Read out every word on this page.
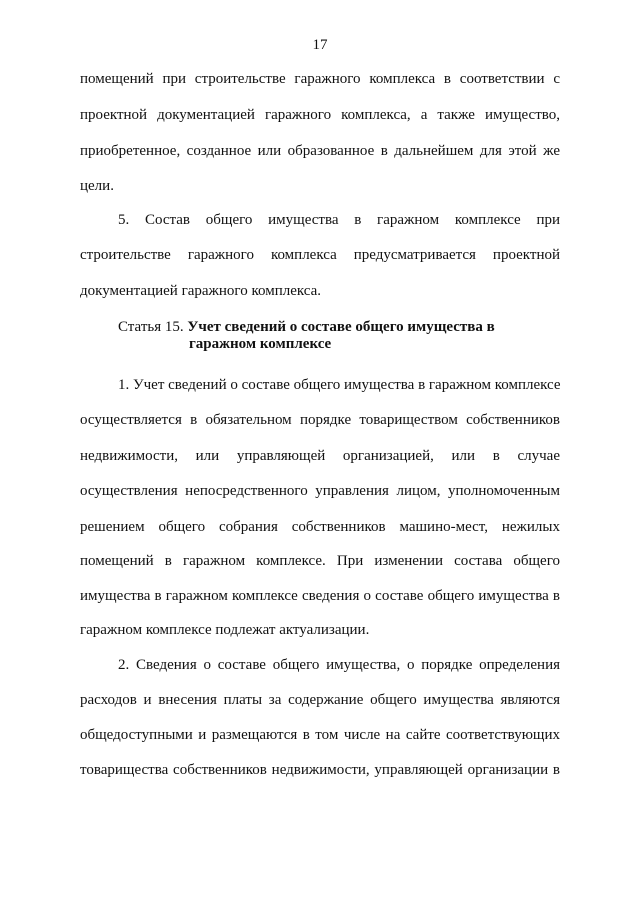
17
помещений при строительстве гаражного комплекса в соответствии с
проектной документацией гаражного комплекса, а также имущество,
приобретенное, созданное или образованное в дальнейшем для этой же
цели.
5. Состав общего имущества в гаражном комплексе при
строительстве гаражного комплекса предусматривается проектной
документацией гаражного комплекса.
Статья 15. Учет сведений о составе общего имущества в
гаражном комплексе
1. Учет сведений о составе общего имущества в гаражном комплексе
осуществляется в обязательном порядке товариществом собственников
недвижимости, или управляющей организацией, или в случае
осуществления непосредственного управления лицом, уполномоченным
решением общего собрания собственников машино-мест, нежилых
помещений в гаражном комплексе. При изменении состава общего
имущества в гаражном комплексе сведения о составе общего имущества в
гаражном комплексе подлежат актуализации.
2. Сведения о составе общего имущества, о порядке определения
расходов и внесения платы за содержание общего имущества являются
общедоступными и размещаются в том числе на сайте соответствующих
товарищества собственников недвижимости, управляющей организации в
